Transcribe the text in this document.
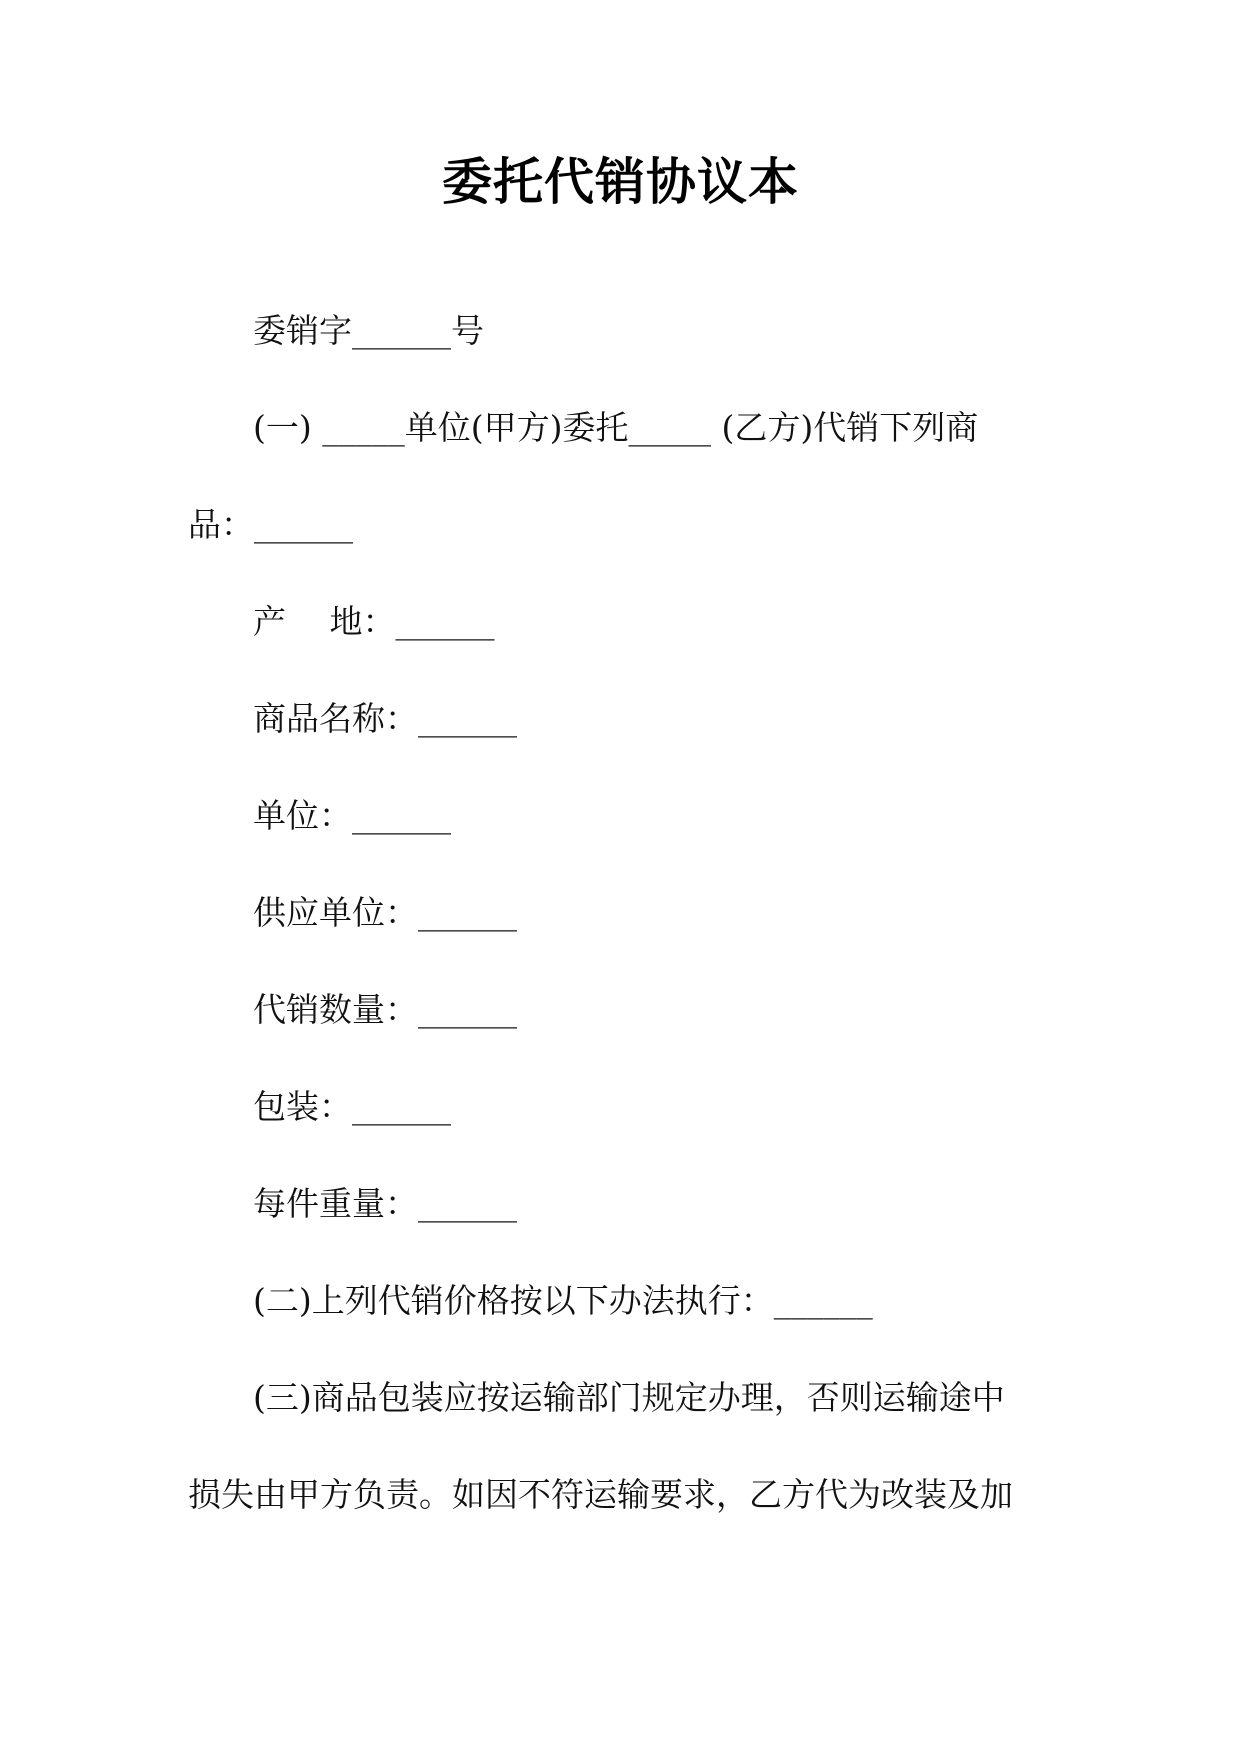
委托代销协议本
委销字______号
(一) _____单位(甲方)委托_____ (乙方)代销下列商
品：______
产　 地：______
商品名称：______
单位：______
供应单位：______
代销数量：______
包装：______
每件重量：______
(二)上列代销价格按以下办法执行：______
(三)商品包装应按运输部门规定办理，否则运输途中
损失由甲方负责。如因不符运输要求，乙方代为改装及加
